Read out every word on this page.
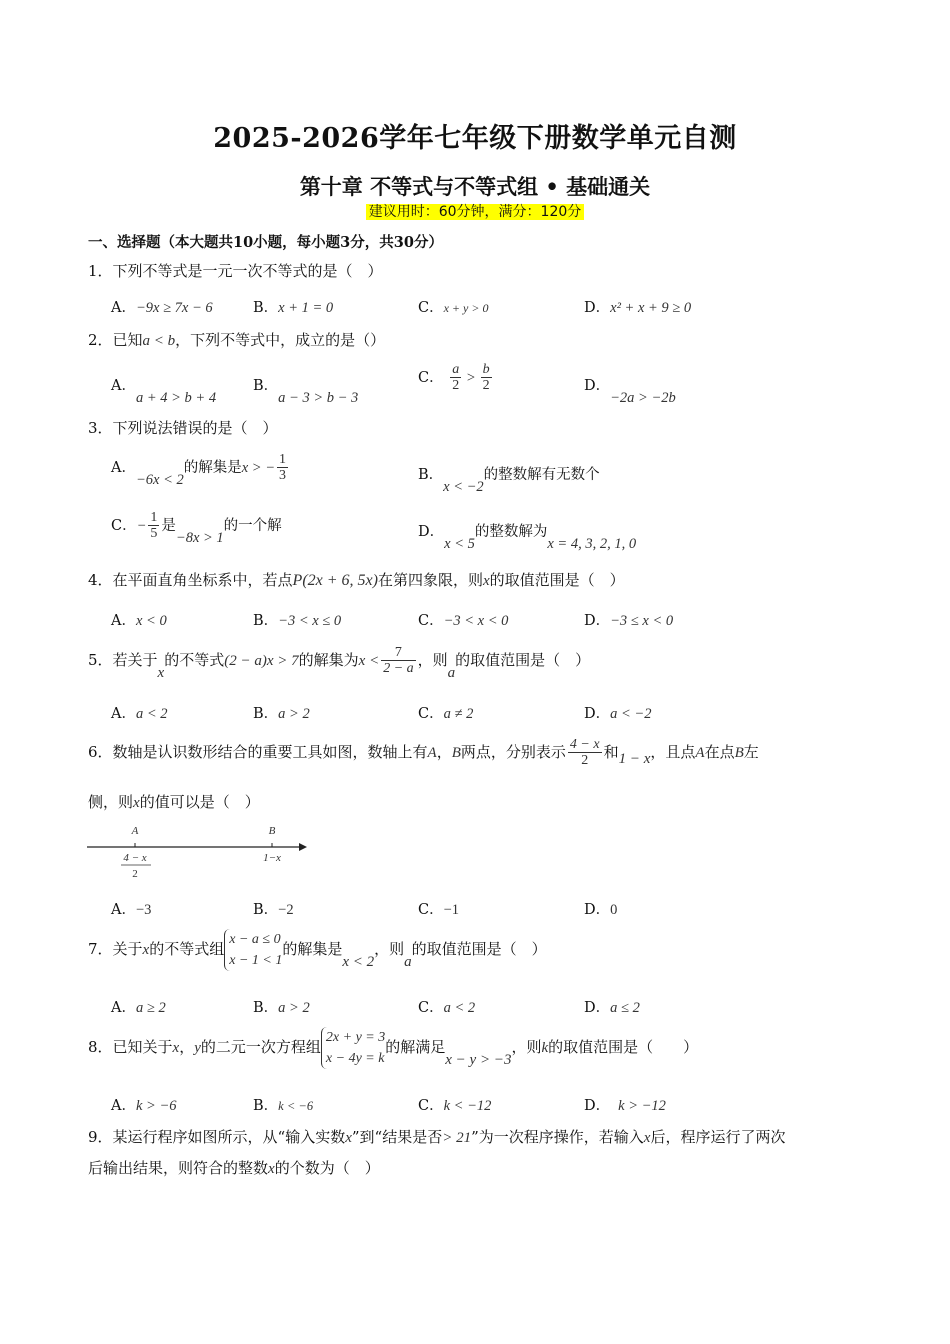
2025-2026学年七年级下册数学单元自测
第十章 不等式与不等式组 • 基础通关
建议用时：60分钟，满分：120分
一、选择题（本大题共10小题，每小题3分，共30分）
1．下列不等式是一元一次不等式的是（　）
A．−9x ≥ 7x − 6	B．x + 1 = 0	C．x + y > 0	D．x² + x + 9 ≥ 0
2．已知a < b，下列不等式中，成立的是（）
A．a + 4 > b + 4
B．a − 3 > b − 3
C． $\frac{a}{2} > \frac{b}{2}$	D．−2a > −2b
3．下列说法错误的是（　）
A．−6x < 2的解集是x > − $\frac{1}{3}$	B．x < −2的整数解有无数个
C．− $\frac{1}{5}$ 是−8x > 1的一个解	D．x < 5的整数解为x = 4, 3, 2, 1, 0
4．在平面直角坐标系中，若点P(2x + 6, 5x)在第四象限，则x的取值范围是（　）
A．x < 0	B．−3 < x ≤ 0	C．−3 < x < 0	D．−3 ≤ x < 0
5．若关于x的不等式(2 − a)x > 7的解集为$x < \frac{7}{2 - a}$ ，则a的取值范围是（　）
A．a < 2	B．a > 2	C．a ≠ 2	D．a < −2
6．数轴是认识数形结合的重要工具如图，数轴上有A，B两点，分别表示 $\frac{4 - x}{2}$ 和1 − x，且点A在点B左
侧，则x的值可以是（　）
A	B
4 − x
2
1−x
A．−3	B．−2	C．−1	D．0
7．关于x的不等式组
x − a ≤ 0
x − 1 < 1
的解集是x < 2，则a的取值范围是（　）
A．a ≥ 2	B．a > 2	C．a < 2	D．a ≤ 2
8．已知关于x，y的二元一次方程组
2x + y = 3
x − 4y = k
的解满足x − y > −3，则k的取值范围是（　　）
A．k > −6	B．k < −6	C．k < −12	D． k > −12
9．某运行程序如图所示，从“输入实数x”到“结果是否> 21”为一次程序操作，若输入x后，程序运行了两次
后输出结果，则符合的整数x的个数为（　）
